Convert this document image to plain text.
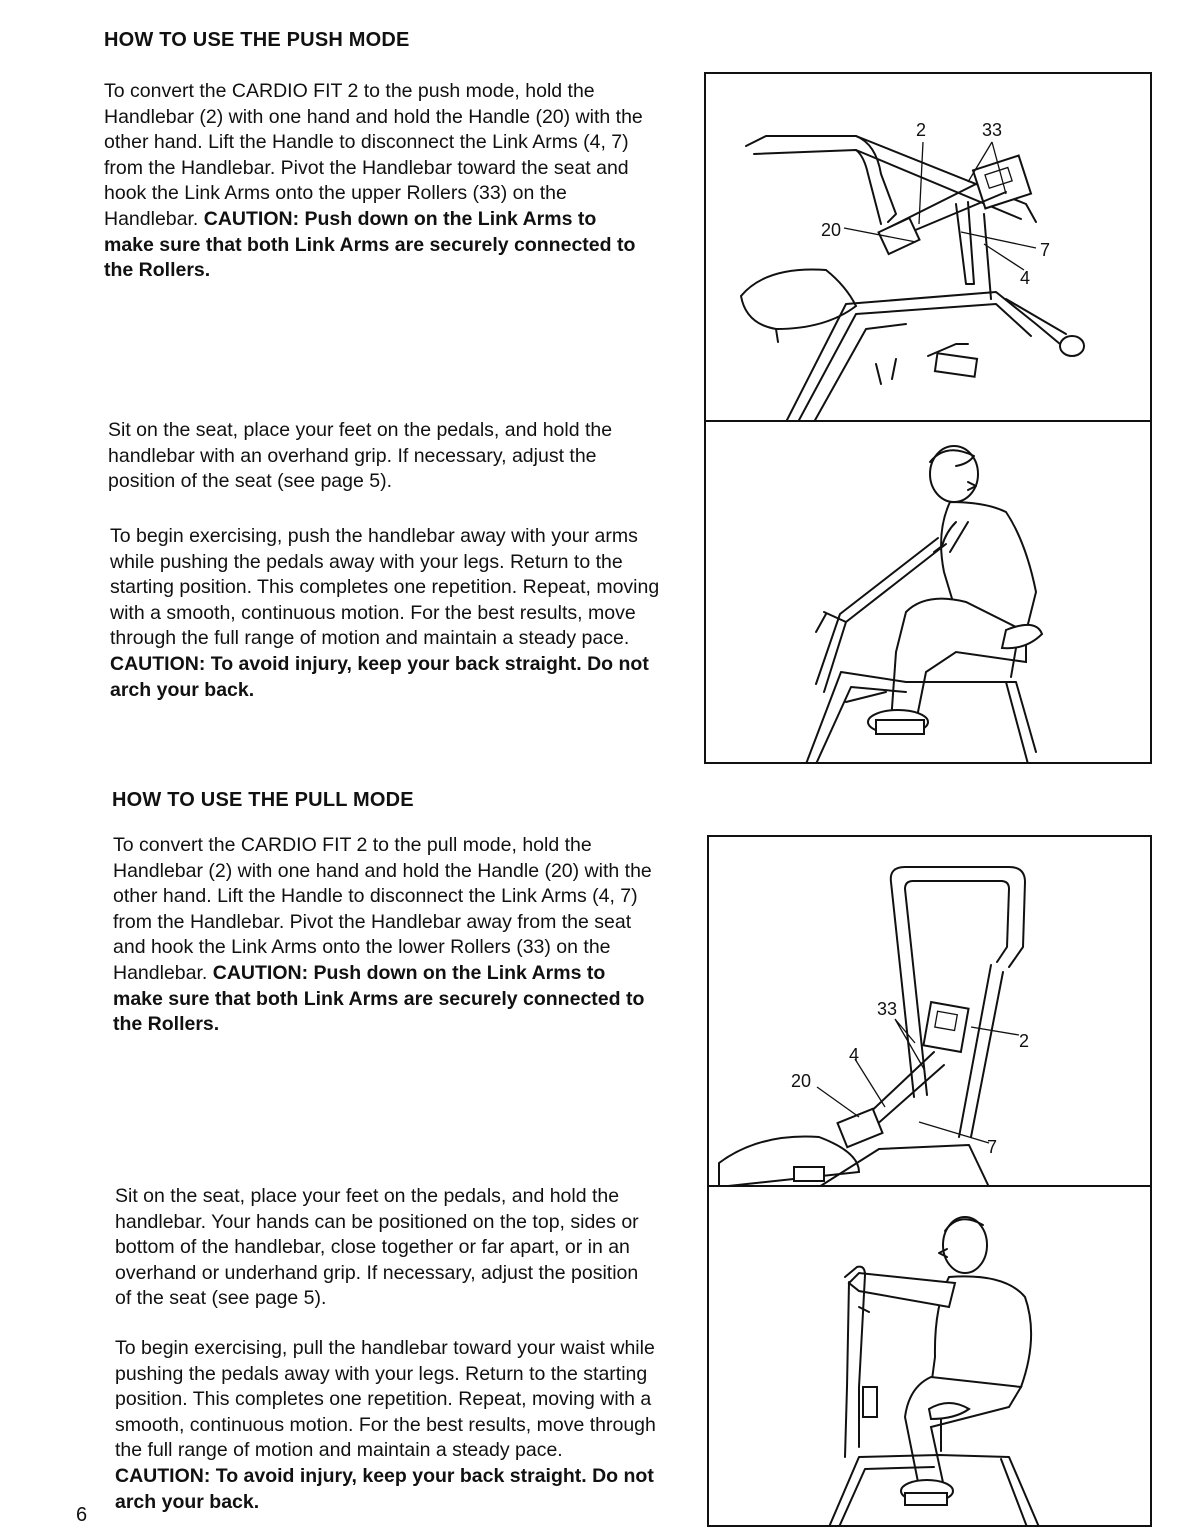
HOW TO USE THE PUSH MODE

To convert the CARDIO FIT 2 to the push mode, hold the Handlebar (2) with one hand and hold the Handle (20) with the other hand. Lift the Handle to disconnect the Link Arms (4, 7) from the Handlebar. Pivot the Handlebar toward the seat and hook the Link Arms onto the upper Rollers (33) on the Handlebar. CAUTION: Push down on the Link Arms to make sure that both Link Arms are securely connected to the Rollers.

Sit on the seat, place your feet on the pedals, and hold the handlebar with an overhand grip. If necessary, adjust the position of the seat (see page 5).

To begin exercising, push the handlebar away with your arms while pushing the pedals away with your legs. Return to the starting position. This completes one repetition. Repeat, moving with a smooth, continuous motion. For the best results, move through the full range of motion and maintain a steady pace. CAUTION: To avoid injury, keep your back straight. Do not arch your back.

HOW TO USE THE PULL MODE

To convert the CARDIO FIT 2 to the pull mode, hold the Handlebar (2) with one hand and hold the Handle (20) with the other hand. Lift the Handle to disconnect the Link Arms (4, 7) from the Handlebar. Pivot the Handlebar away from the seat and hook the Link Arms onto the lower Rollers (33) on the Handlebar. CAUTION: Push down on the Link Arms to make sure that both Link Arms are securely connected to the Rollers.

Sit on the seat, place your feet on the pedals, and hold the handlebar. Your hands can be positioned on the top, sides or bottom of the handlebar, close together or far apart, or in an overhand or underhand grip. If necessary, adjust the position of the seat (see page 5).

To begin exercising, pull the handlebar toward your waist while pushing the pedals away with your legs. Return to the starting position. This completes one repetition. Repeat, moving with a smooth, continuous motion. For the best results, move through the full range of motion and maintain a steady pace. CAUTION: To avoid injury, keep your back straight. Do not arch your back.

6
2	33
20
7
4
33
2
4
20
7
